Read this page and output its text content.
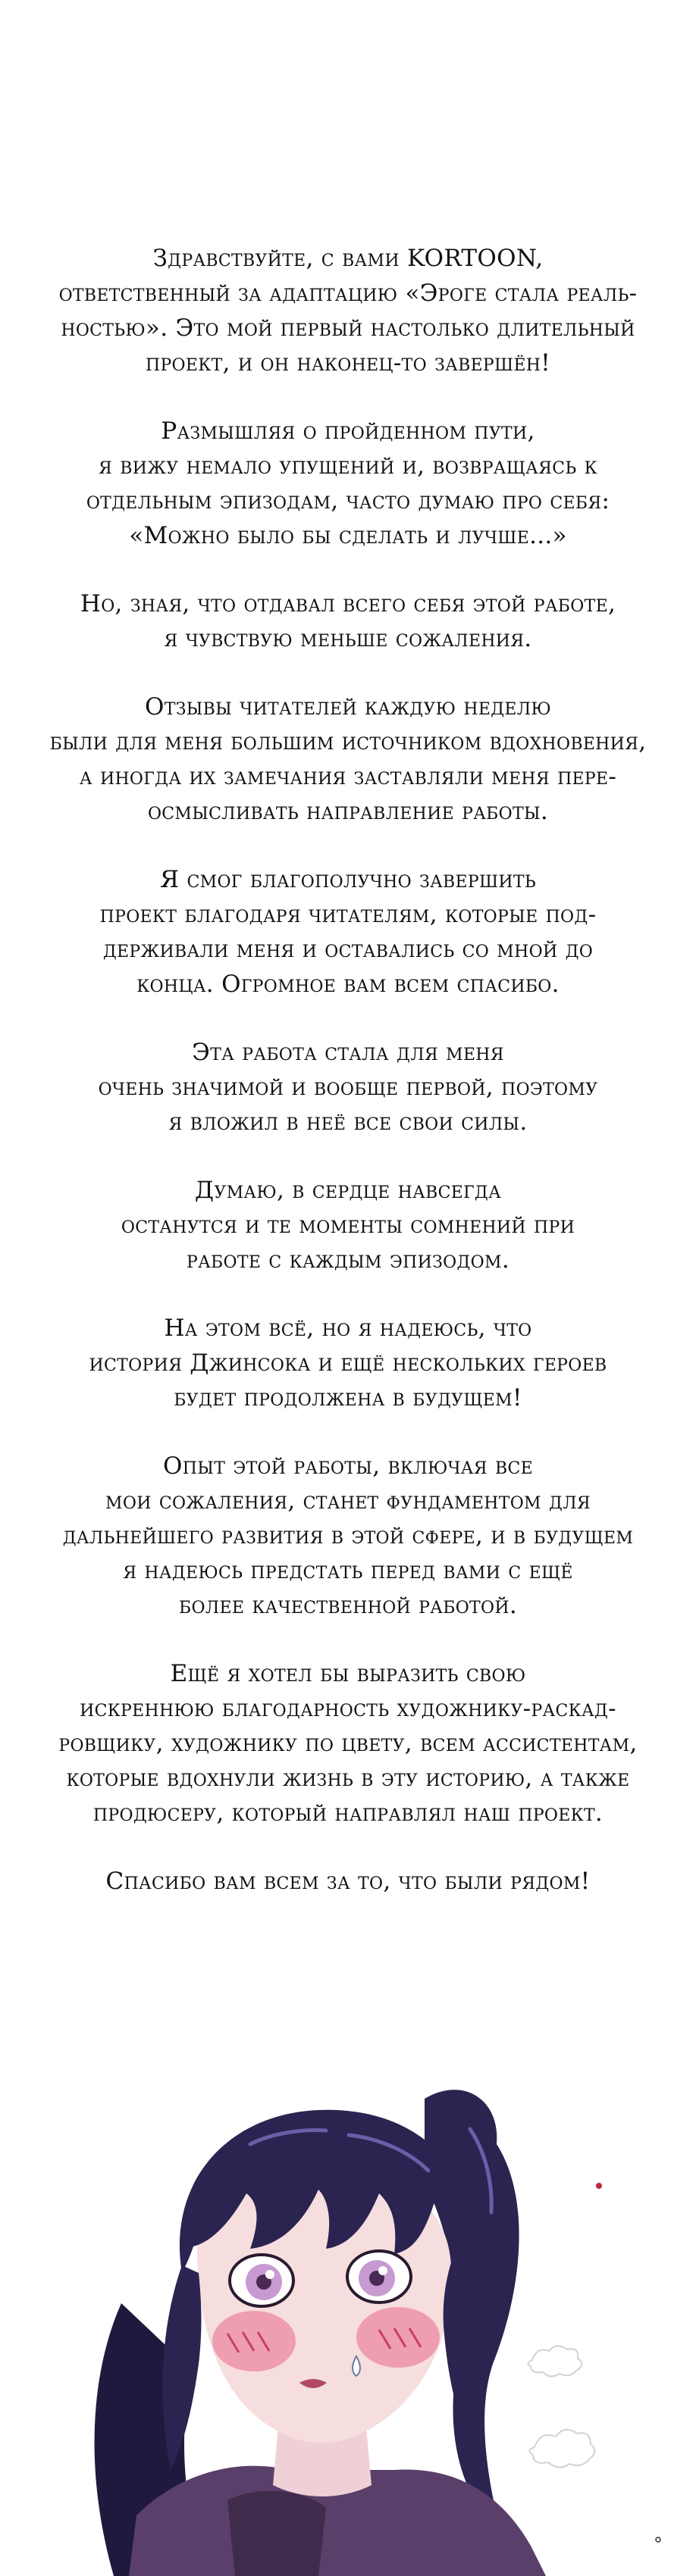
Здравствуйте, с вами KORTOON,
ответственный за адаптацию «Эроге стала реаль-
ностью». Это мой первый настолько длительный
проект, и он наконец-то завершён!

Размышляя о пройденном пути,
я вижу немало упущений и, возвращаясь к
отдельным эпизодам, часто думаю про себя:
«Можно было бы сделать и лучше...»

Но, зная, что отдавал всего себя этой работе,
я чувствую меньше сожаления.

Отзывы читателей каждую неделю
были для меня большим источником вдохновения,
а иногда их замечания заставляли меня пере-
осмысливать направление работы.

Я смог благополучно завершить
проект благодаря читателям, которые под-
держивали меня и оставались со мной до
конца. Огромное вам всем спасибо.

Эта работа стала для меня
очень значимой и вообще первой, поэтому
я вложил в неё все свои силы.

Думаю, в сердце навсегда
останутся и те моменты сомнений при
работе с каждым эпизодом.

На этом всё, но я надеюсь, что
история Джинсока и ещё нескольких героев
будет продолжена в будущем!

Опыт этой работы, включая все
мои сожаления, станет фундаментом для
дальнейшего развития в этой сфере, и в будущем
я надеюсь предстать перед вами с ещё
более качественной работой.

Ещё я хотел бы выразить свою
искреннюю благодарность художнику-раскад-
ровщику, художнику по цвету, всем ассистентам,
которые вдохнули жизнь в эту историю, а также
продюсеру, который направлял наш проект.

Спасибо вам всем за то, что были рядом!
